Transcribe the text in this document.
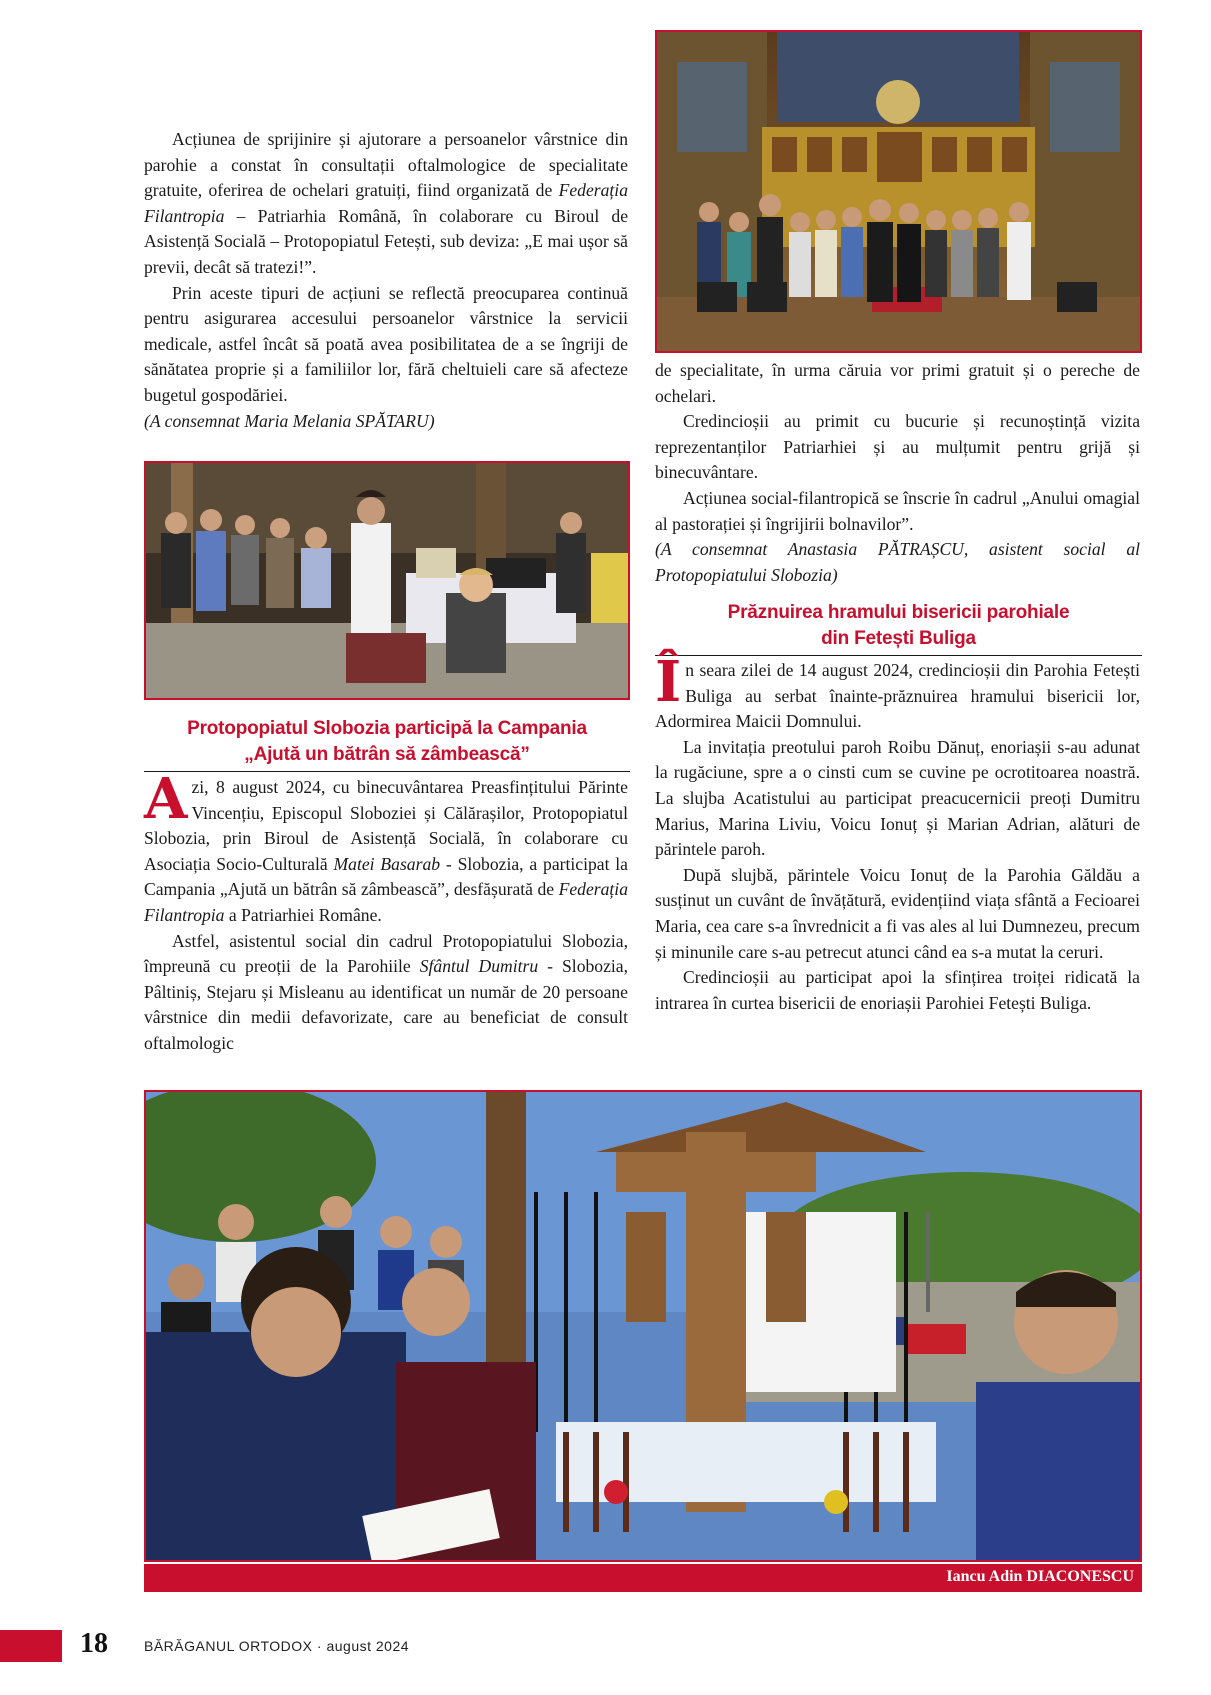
Acțiunea de sprijinire și ajutorare a persoanelor vârstnice din parohie a constat în consultații oftalmologice de specialitate gratuite, oferirea de ochelari gratuiți, fiind organizată de Federația Filantropia – Patriarhia Română, în colaborare cu Biroul de Asistență Socială – Protopopiatul Fetești, sub deviza: „E mai ușor să previi, decât să tratezi!”.

Prin aceste tipuri de acțiuni se reflectă preocuparea continuă pentru asigurarea accesului persoanelor vârstnice la servicii medicale, astfel încât să poată avea posibilitatea de a se îngriji de sănătatea proprie și a familiilor lor, fără cheltuieli care să afecteze bugetul gospodăriei.

(A consemnat Maria Melania SPĂTARU)

Protopopiatul Slobozia participă la Campania
„Ajută un bătrân să zâmbească”

Azi, 8 august 2024, cu binecuvântarea Preasfințitului Părinte Vincențiu, Episcopul Sloboziei și Călărașilor, Protopopiatul Slobozia, prin Biroul de Asistență Socială, în colaborare cu Asociația Socio-Culturală Matei Basarab - Slobozia, a participat la Campania „Ajută un bătrân să zâmbească”, desfășurată de Federația Filantropia a Patriarhiei Române.

Astfel, asistentul social din cadrul Protopopiatului Slobozia, împreună cu preoții de la Parohiile Sfântul Dumitru - Slobozia, Pâltiniș, Stejaru și Misleanu au identificat un număr de 20 persoane vârstnice din medii defavorizate, care au beneficiat de consult oftalmologic

de specialitate, în urma căruia vor primi gratuit și o pereche de ochelari.

Credincioșii au primit cu bucurie și recunoștință vizita reprezentanților Patriarhiei și au mulțumit pentru grijă și binecuvântare.

Acțiunea social-filantropică se înscrie în cadrul „Anului omagial al pastorației și îngrijirii bolnavilor”.

(A consemnat Anastasia PĂTRAȘCU, asistent social al Protopopiatului Slobozia)

Prăznuirea hramului bisericii parohiale
din Fetești Buliga

În seara zilei de 14 august 2024, credincioșii din Parohia Fetești Buliga au serbat înainte-prăznuirea hramului bisericii lor, Adormirea Maicii Domnului.

La invitația preotului paroh Roibu Dănuț, enoriașii s-au adunat la rugăciune, spre a o cinsti cum se cuvine pe ocrotitoarea noastră. La slujba Acatistului au participat preacucernicii preoți Dumitru Marius, Marina Liviu, Voicu Ionuț și Marian Adrian, alături de părintele paroh.

După slujbă, părintele Voicu Ionuț de la Parohia Găldău a susținut un cuvânt de învățătură, evidențiind viața sfântă a Fecioarei Maria, cea care s-a învrednicit a fi vas ales al lui Dumnezeu, precum și minunile care s-au petrecut atunci când ea s-a mutat la ceruri.

Credincioșii au participat apoi la sfințirea troiței ridicată la intrarea în curtea bisericii de enoriașii Parohiei Fetești Buliga.

Iancu Adin DIACONESCU
18	BĂRĂGANUL ORTODOX · august 2024
